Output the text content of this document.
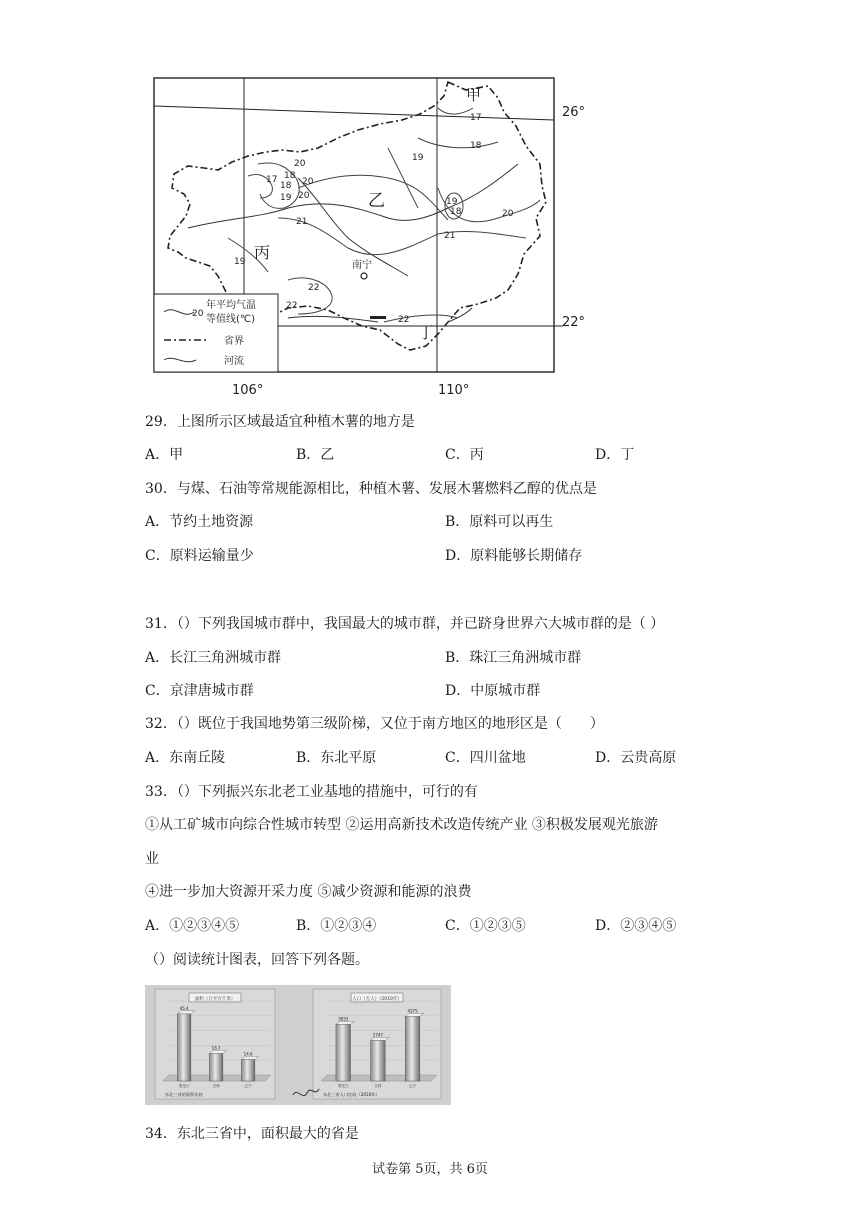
甲
乙
丙
丁
南宁
17
18
19
20
21
22
20
20
18
17
18
19	19
18
20
21
19
22
22
20
年平均气温
等值线(℃)
省界
河流
26°
22°
106°	110°
29．上图所示区域最适宜种植木薯的地方是
A．甲	B．乙	C．丙	D．丁
30．与煤、石油等常规能源相比，种植木薯、发展木薯燃料乙醇的优点是
A．节约土地资源	B．原料可以再生
C．原料运输量少	D．原料能够长期储存
31．（）下列我国城市群中，我国最大的城市群，并已跻身世界六大城市群的是（ ）
A．长江三角洲城市群	B．珠江三角洲城市群
C．京津唐城市群	D．中原城市群
32．（）既位于我国地势第三级阶梯，又位于南方地区的地形区是（　　）
A．东南丘陵	B．东北平原	C．四川盆地	D．云贵高原
33．（）下列振兴东北老工业基地的措施中，可行的有
①从工矿城市向综合性城市转型 ②运用高新技术改造传统产业 ③积极发展观光旅游
业
④进一步加大资源开采力度 ⑤减少资源和能源的浪费
A．①②③④⑤	B．①②③④	C．①②③⑤	D．②③④⑤
（）阅读统计图表，回答下列各题。
面积（万平方千米）
45.4
黑龙江
18.7
吉林
14.6
辽宁
东北三省的面积比较
人口（万人）（2010年）
3833
黑龙江
2747
吉林
4375
辽宁
东北三省人口比较（2010年）
34．东北三省中，面积最大的省是
试卷第 5页，共 6页
